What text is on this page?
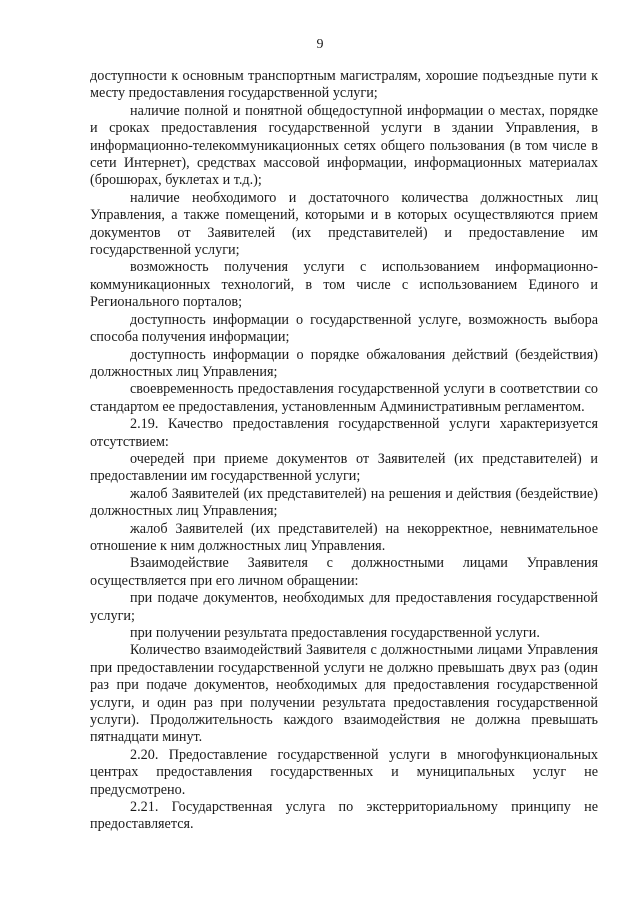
9

доступности к основным транспортным магистралям, хорошие подъездные пути к месту предоставления государственной услуги;

наличие полной и понятной общедоступной информации о местах, порядке и сроках предоставления государственной услуги в здании Управления, в информационно-телекоммуникационных сетях общего пользования (в том числе в сети Интернет), средствах массовой информации, информационных материалах (брошюрах, буклетах и т.д.);

наличие необходимого и достаточного количества должностных лиц Управления, а также помещений, которыми и в которых осуществляются прием документов от Заявителей (их представителей) и предоставление им государственной услуги;

возможность получения услуги с использованием информационно-коммуникационных технологий, в том числе с использованием Единого и Регионального порталов;

доступность информации о государственной услуге, возможность выбора способа получения информации;

доступность информации о порядке обжалования действий (бездействия) должностных лиц Управления;

своевременность предоставления государственной услуги в соответствии со стандартом ее предоставления, установленным Административным регламентом.

2.19. Качество предоставления государственной услуги характеризуется отсутствием:

очередей при приеме документов от Заявителей (их представителей) и предоставлении им государственной услуги;

жалоб Заявителей (их представителей) на решения и действия (бездействие) должностных лиц Управления;

жалоб Заявителей (их представителей) на некорректное, невнимательное отношение к ним должностных лиц Управления.

Взаимодействие Заявителя с должностными лицами Управления осуществляется при его личном обращении:

при подаче документов, необходимых для предоставления государственной услуги;

при получении результата предоставления государственной услуги.

Количество взаимодействий Заявителя с должностными лицами Управления при предоставлении государственной услуги не должно превышать двух раз (один раз при подаче документов, необходимых для предоставления государственной услуги, и один раз при получении результата предоставления государственной услуги). Продолжительность каждого взаимодействия не должна превышать пятнадцати минут.

2.20. Предоставление государственной услуги в многофункциональных центрах предоставления государственных и муниципальных услуг не предусмотрено.

2.21. Государственная услуга по экстерриториальному принципу не предоставляется.
